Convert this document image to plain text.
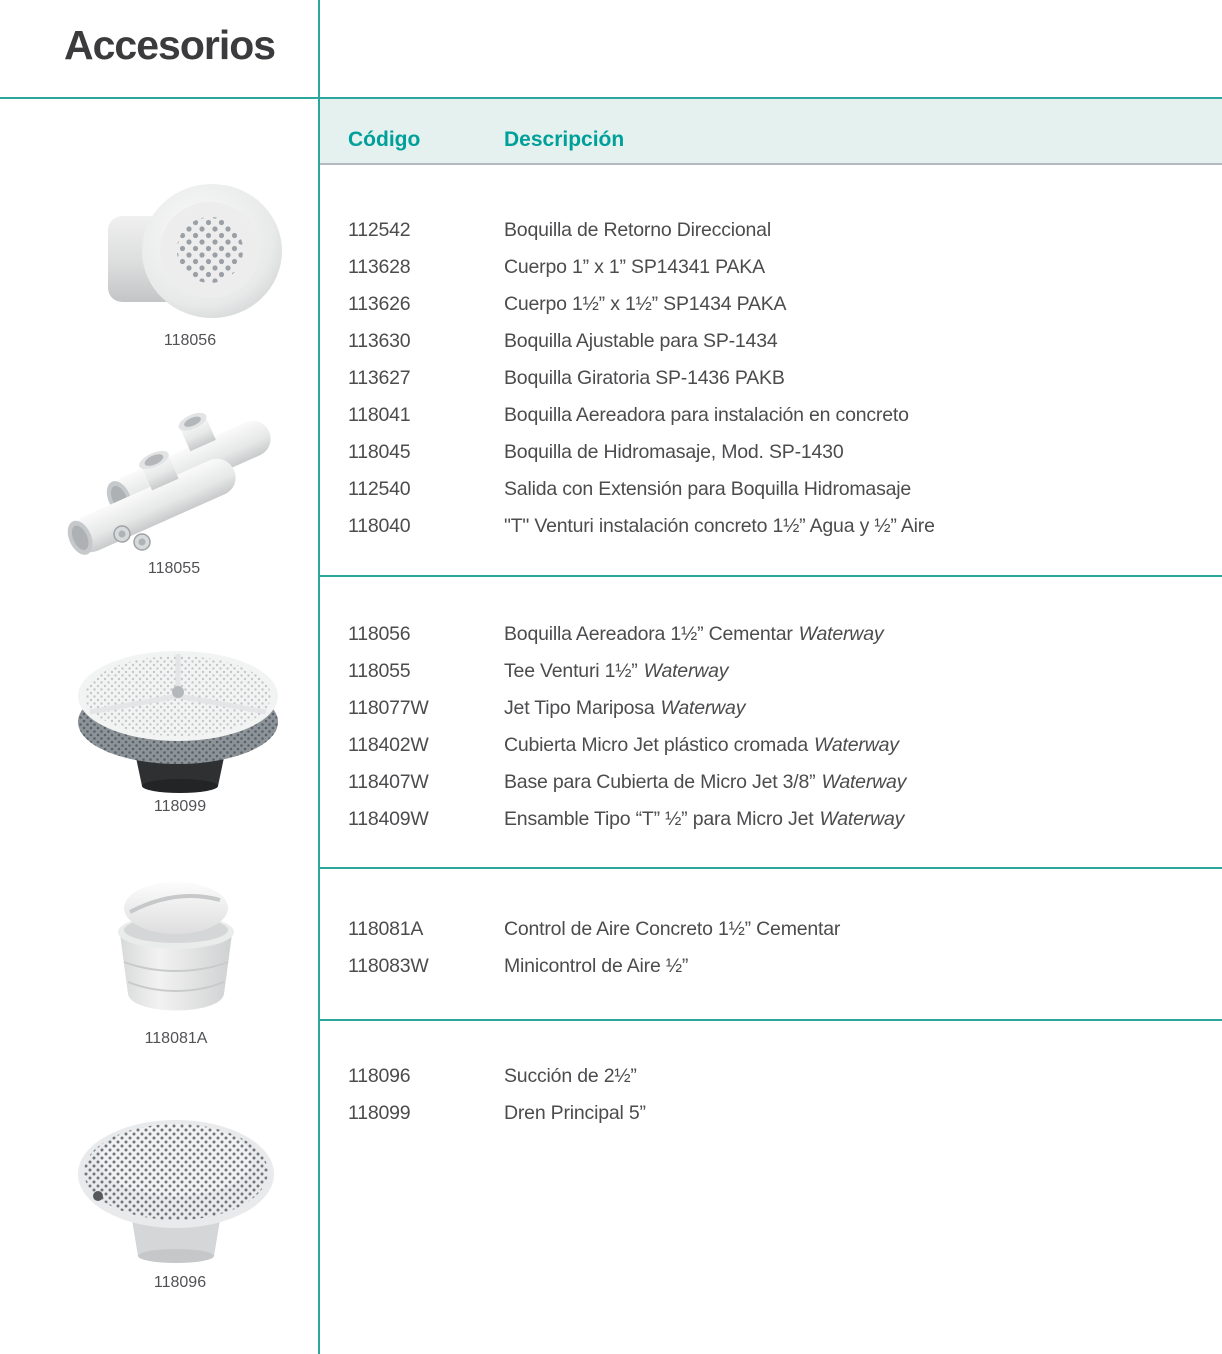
Accesorios
Código	Descripción
112542	Boquilla de Retorno Direccional
113628	Cuerpo 1” x 1” SP14341 PAKA
113626	Cuerpo 1½” x 1½” SP1434 PAKA
113630	Boquilla Ajustable para SP-1434
113627	Boquilla Giratoria SP-1436 PAKB
118041	Boquilla Aereadora para instalación en concreto
118045	Boquilla de Hidromasaje, Mod. SP-1430
112540	Salida con Extensión para Boquilla Hidromasaje
118040	"T" Venturi instalación concreto 1½” Agua y ½” Aire
118056	Boquilla Aereadora 1½” Cementar Waterway
118055	Tee Venturi 1½” Waterway
118077W	Jet Tipo Mariposa Waterway
118402W	Cubierta Micro Jet plástico cromada Waterway
118407W	Base para Cubierta de Micro Jet 3/8” Waterway
118409W	Ensamble Tipo “T” ½” para Micro Jet Waterway
118081A	Control de Aire Concreto 1½” Cementar
118083W	Minicontrol de Aire ½”
118096	Succión de 2½”
118099	Dren Principal 5”
118056
118055
118099
118081A
118096
